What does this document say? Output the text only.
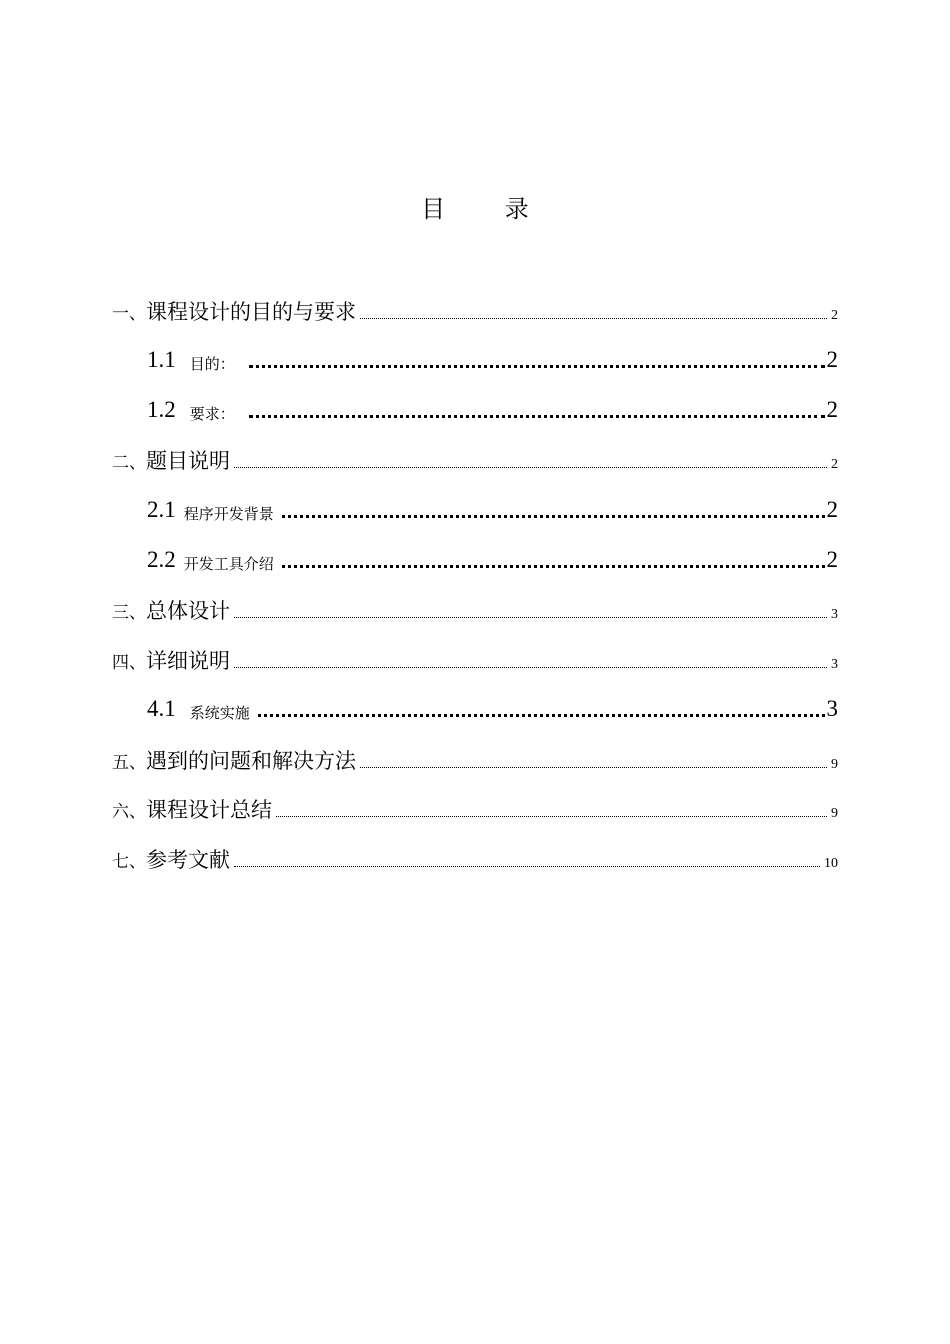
目 录
一、 课程设计的目的与要求	2
1.1 目的：	2
1.2 要求：	2
二、 题目说明	2
2.1 程序开发背景	2
2.2 开发工具介绍	2
三、 总体设计	3
四、 详细说明	3
4.1 系统实施	3
五、 遇到的问题和解决方法	9
六、 课程设计总结	9
七、 参考文献	10
